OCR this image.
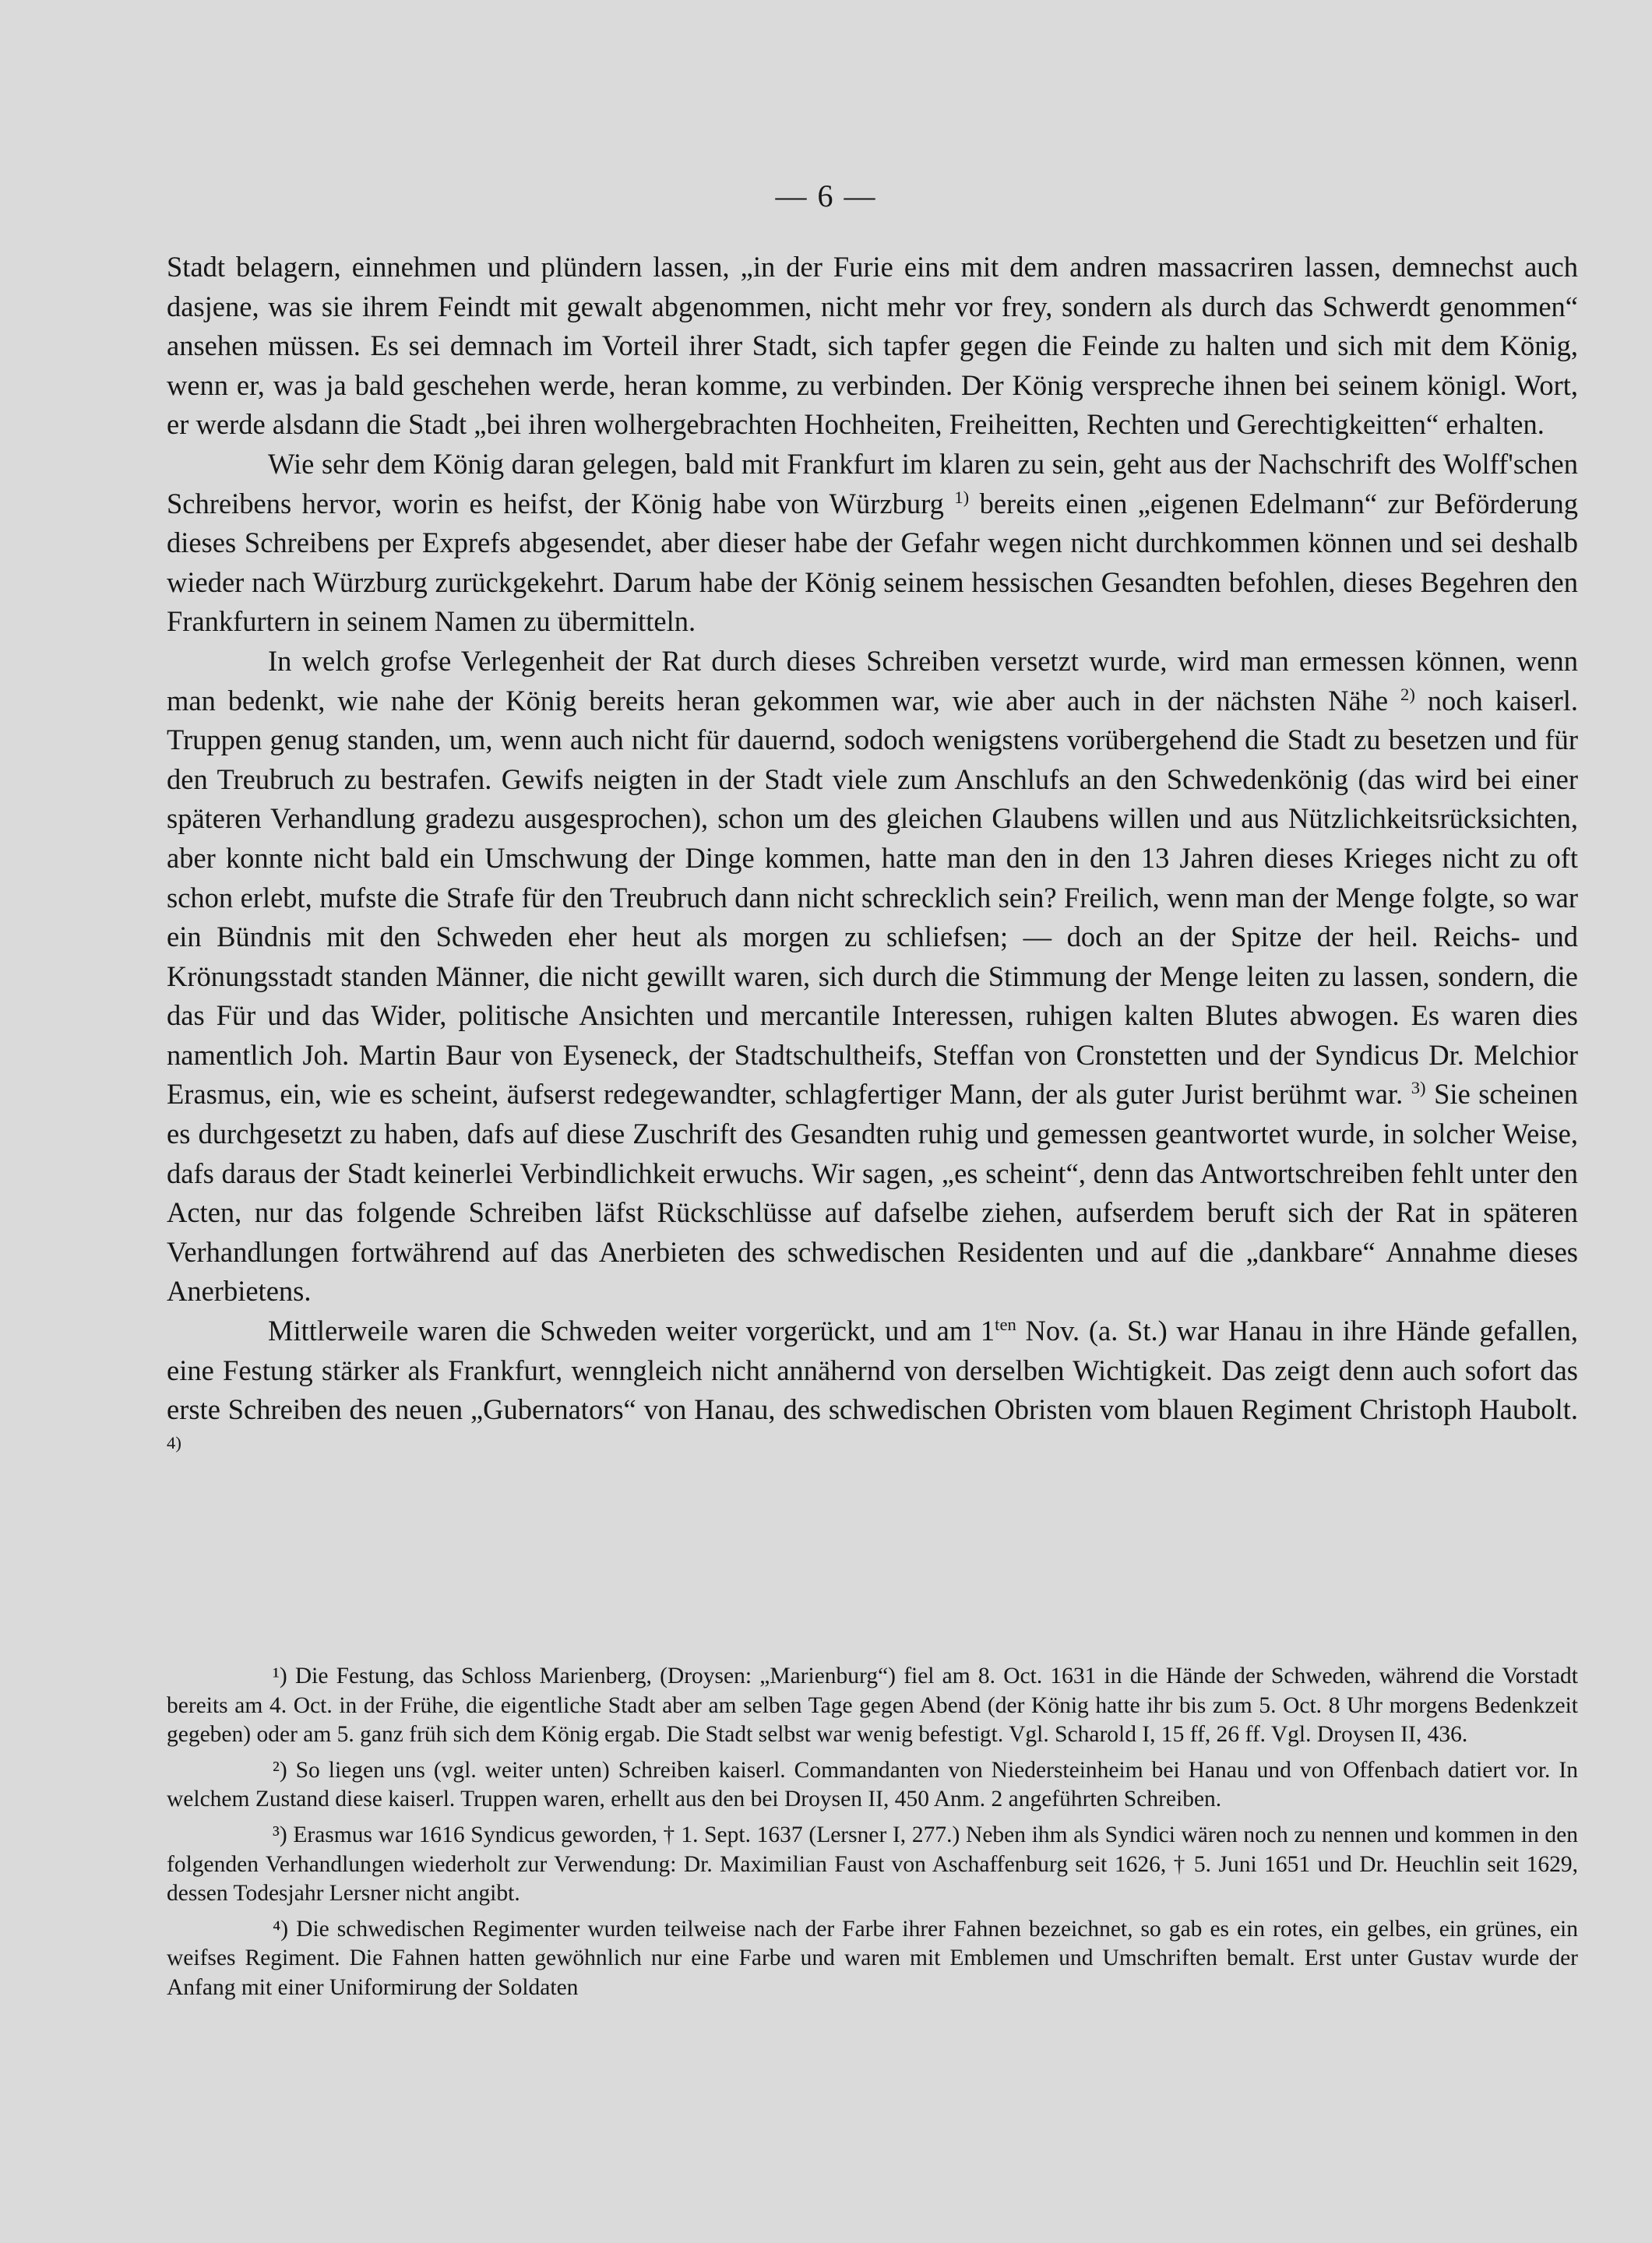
— 6 —

Stadt belagern, einnehmen und plündern lassen, „in der Furie eins mit dem andren massacriren lassen, demnechst auch dasjene, was sie ihrem Feindt mit gewalt abgenommen, nicht mehr vor frey, sondern als durch das Schwerdt genommen“ ansehen müssen. Es sei demnach im Vorteil ihrer Stadt, sich tapfer gegen die Feinde zu halten und sich mit dem König, wenn er, was ja bald geschehen werde, heran komme, zu verbinden. Der König verspreche ihnen bei seinem königl. Wort, er werde alsdann die Stadt „bei ihren wolhergebrachten Hochheiten, Freiheitten, Rechten und Gerechtigkeitten“ erhalten.

Wie sehr dem König daran gelegen, bald mit Frankfurt im klaren zu sein, geht aus der Nachschrift des Wolff'schen Schreibens hervor, worin es heifst, der König habe von Würzburg $^{1)}$ bereits einen „eigenen Edelmann“ zur Beförderung dieses Schreibens per Exprefs abgesendet, aber dieser habe der Gefahr wegen nicht durchkommen können und sei deshalb wieder nach Würzburg zurückgekehrt. Darum habe der König seinem hessischen Gesandten befohlen, dieses Begehren den Frankfurtern in seinem Namen zu übermitteln.

In welch grofse Verlegenheit der Rat durch dieses Schreiben versetzt wurde, wird man ermessen können, wenn man bedenkt, wie nahe der König bereits heran gekommen war, wie aber auch in der nächsten Nähe $^{2)}$ noch kaiserl. Truppen genug standen, um, wenn auch nicht für dauernd, sodoch wenigstens vorübergehend die Stadt zu besetzen und für den Treubruch zu bestrafen. Gewifs neigten in der Stadt viele zum Anschlufs an den Schwedenkönig (das wird bei einer späteren Verhandlung gradezu ausgesprochen), schon um des gleichen Glaubens willen und aus Nützlichkeitsrücksichten, aber konnte nicht bald ein Umschwung der Dinge kommen, hatte man den in den 13 Jahren dieses Krieges nicht zu oft schon erlebt, mufste die Strafe für den Treubruch dann nicht schrecklich sein? Freilich, wenn man der Menge folgte, so war ein Bündnis mit den Schweden eher heut als morgen zu schliefsen; — doch an der Spitze der heil. Reichs- und Krönungsstadt standen Männer, die nicht gewillt waren, sich durch die Stimmung der Menge leiten zu lassen, sondern, die das Für und das Wider, politische Ansichten und mercantile Interessen, ruhigen kalten Blutes abwogen. Es waren dies namentlich Joh. Martin Baur von Eyseneck, der Stadtschultheifs, Steffan von Cronstetten und der Syndicus Dr. Melchior Erasmus, ein, wie es scheint, äufserst redegewandter, schlagfertiger Mann, der als guter Jurist berühmt war. $^{3)}$ Sie scheinen es durchgesetzt zu haben, dafs auf diese Zuschrift des Gesandten ruhig und gemessen geantwortet wurde, in solcher Weise, dafs daraus der Stadt keinerlei Verbindlichkeit erwuchs. Wir sagen, „es scheint“, denn das Antwortschreiben fehlt unter den Acten, nur das folgende Schreiben läfst Rückschlüsse auf dafselbe ziehen, aufserdem beruft sich der Rat in späteren Verhandlungen fortwährend auf das Anerbieten des schwedischen Residenten und auf die „dankbare“ Annahme dieses Anerbietens.

Mittlerweile waren die Schweden weiter vorgerückt, und am $1^{ten}$ Nov. (a. St.) war Hanau in ihre Hände gefallen, eine Festung stärker als Frankfurt, wenngleich nicht annähernd von derselben Wichtigkeit. Das zeigt denn auch sofort das erste Schreiben des neuen „Gubernators“ von Hanau, des schwedischen Obristen vom blauen Regiment Christoph Haubolt. $^{4)}$

¹) Die Festung, das Schloss Marienberg, (Droysen: „Marienburg“) fiel am 8. Oct. 1631 in die Hände der Schweden, während die Vorstadt bereits am 4. Oct. in der Frühe, die eigentliche Stadt aber am selben Tage gegen Abend (der König hatte ihr bis zum 5. Oct. 8 Uhr morgens Bedenkzeit gegeben) oder am 5. ganz früh sich dem König ergab. Die Stadt selbst war wenig befestigt. Vgl. Scharold I, 15 ff, 26 ff. Vgl. Droysen II, 436.

²) So liegen uns (vgl. weiter unten) Schreiben kaiserl. Commandanten von Niedersteinheim bei Hanau und von Offenbach datiert vor. In welchem Zustand diese kaiserl. Truppen waren, erhellt aus den bei Droysen II, 450 Anm. 2 angeführten Schreiben.

³) Erasmus war 1616 Syndicus geworden, † 1. Sept. 1637 (Lersner I, 277.) Neben ihm als Syndici wären noch zu nennen und kommen in den folgenden Verhandlungen wiederholt zur Verwendung: Dr. Maximilian Faust von Aschaffenburg seit 1626, † 5. Juni 1651 und Dr. Heuchlin seit 1629, dessen Todesjahr Lersner nicht angibt.

⁴) Die schwedischen Regimenter wurden teilweise nach der Farbe ihrer Fahnen bezeichnet, so gab es ein rotes, ein gelbes, ein grünes, ein weifses Regiment. Die Fahnen hatten gewöhnlich nur eine Farbe und waren mit Emblemen und Umschriften bemalt. Erst unter Gustav wurde der Anfang mit einer Uniformirung der Soldaten
